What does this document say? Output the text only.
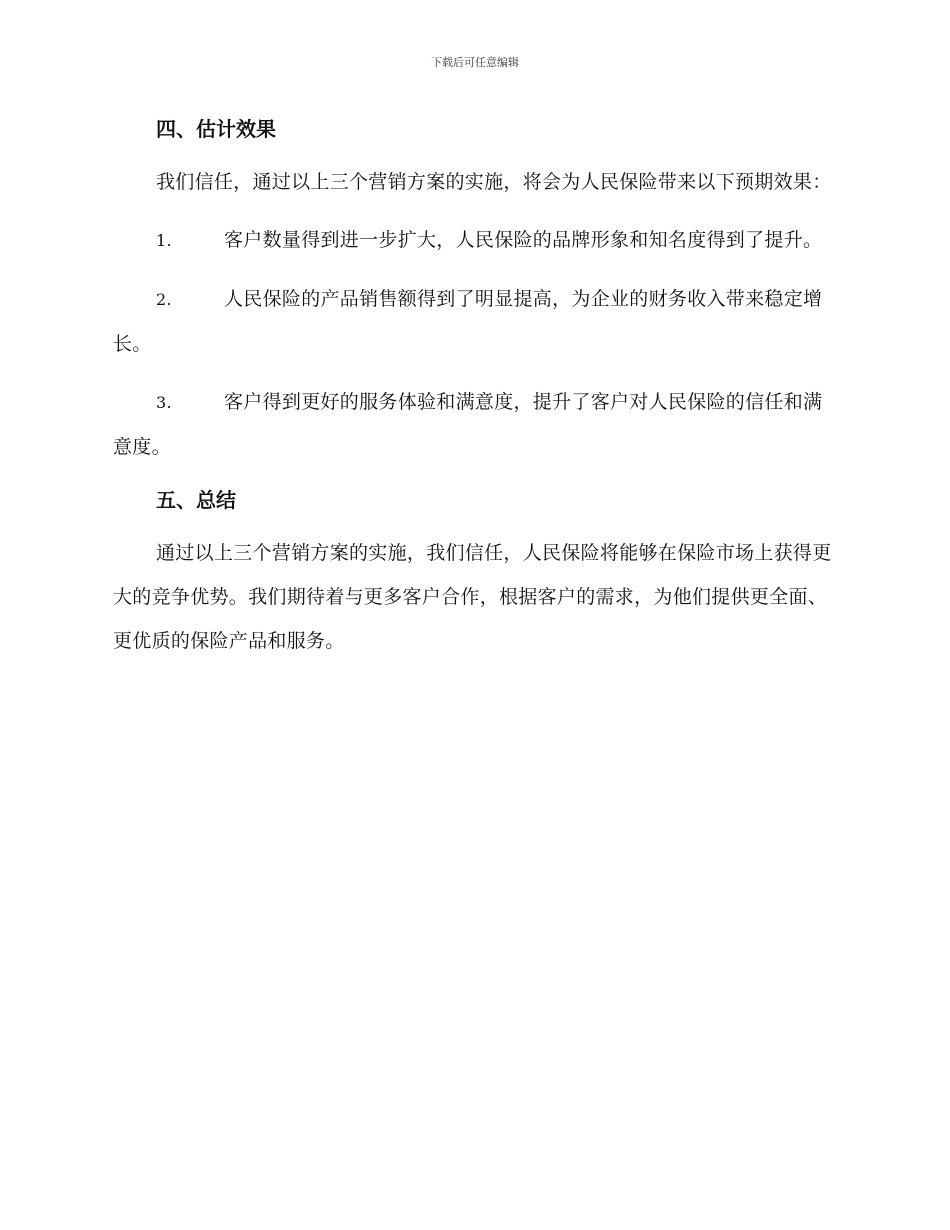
下载后可任意编辑
四、估计效果

我们信任，通过以上三个营销方案的实施，将会为人民保险带来以下预期效果：

1.	客户数量得到进一步扩大，人民保险的品牌形象和知名度得到了提升。

2.	人民保险的产品销售额得到了明显提高，为企业的财务收入带来稳定增长。

3.	客户得到更好的服务体验和满意度，提升了客户对人民保险的信任和满意度。

五、总结

通过以上三个营销方案的实施，我们信任，人民保险将能够在保险市场上获得更大的竞争优势。我们期待着与更多客户合作，根据客户的需求，为他们提供更全面、更优质的保险产品和服务。
